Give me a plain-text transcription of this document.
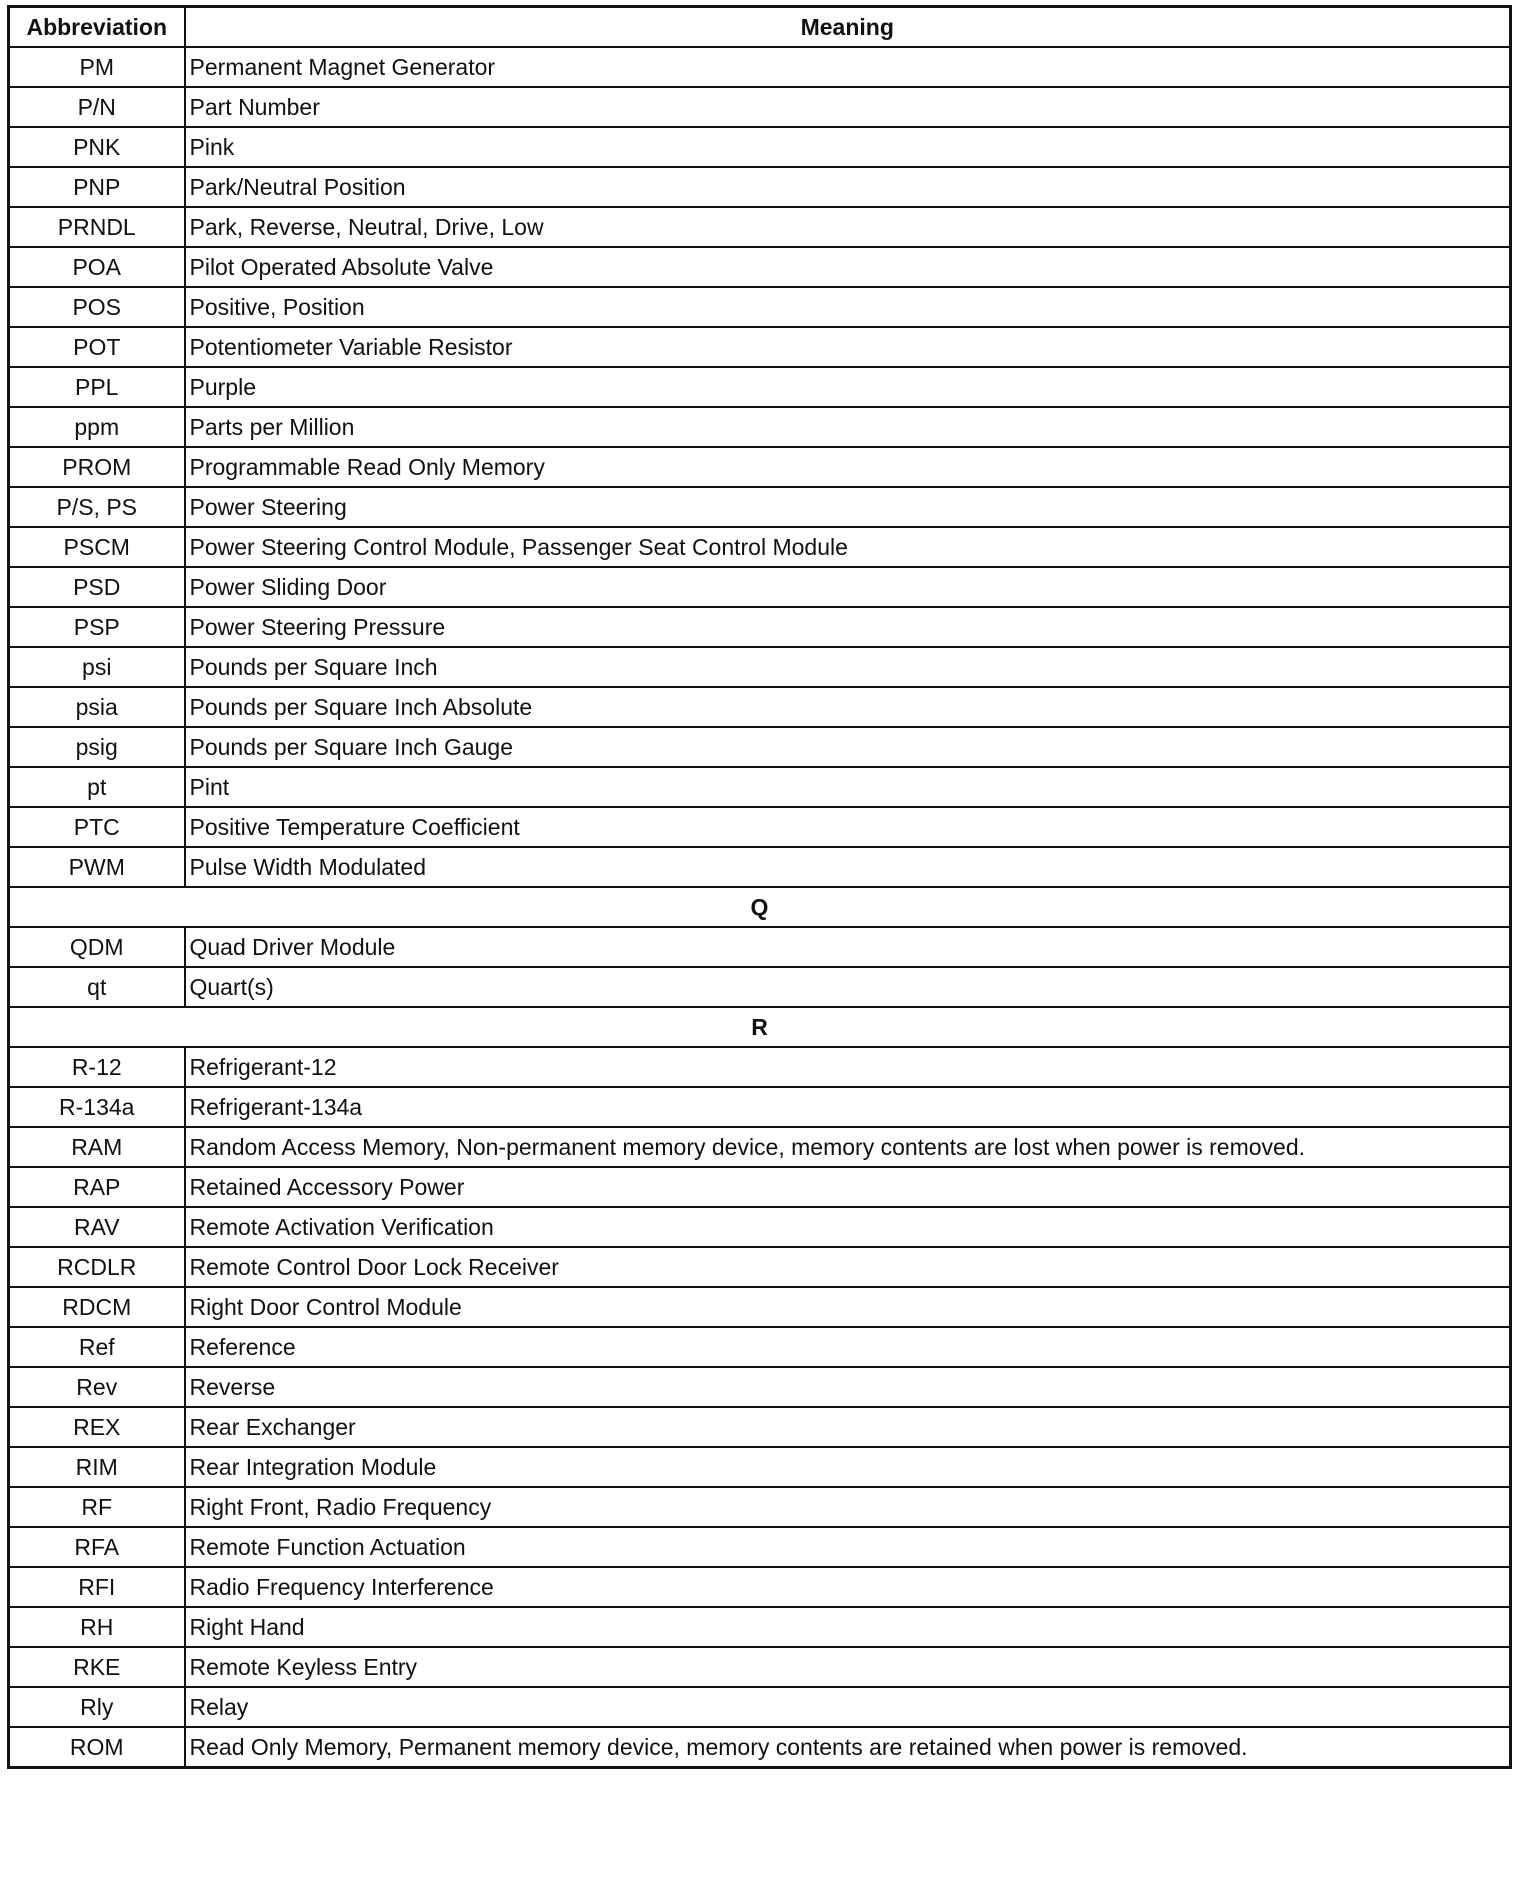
Abbreviation	Meaning
PM	Permanent Magnet Generator
P/N	Part Number
PNK	Pink
PNP	Park/Neutral Position
PRNDL	Park, Reverse, Neutral, Drive, Low
POA	Pilot Operated Absolute Valve
POS	Positive, Position
POT	Potentiometer Variable Resistor
PPL	Purple
ppm	Parts per Million
PROM	Programmable Read Only Memory
P/S, PS	Power Steering
PSCM	Power Steering Control Module, Passenger Seat Control Module
PSD	Power Sliding Door
PSP	Power Steering Pressure
psi	Pounds per Square Inch
psia	Pounds per Square Inch Absolute
psig	Pounds per Square Inch Gauge
pt	Pint
PTC	Positive Temperature Coefficient
PWM	Pulse Width Modulated
Q	
QDM	Quad Driver Module
qt	Quart(s)
R	
R-12	Refrigerant-12
R-134a	Refrigerant-134a
RAM	Random Access Memory, Non-permanent memory device, memory contents are lost when power is removed.
RAP	Retained Accessory Power
RAV	Remote Activation Verification
RCDLR	Remote Control Door Lock Receiver
RDCM	Right Door Control Module
Ref	Reference
Rev	Reverse
REX	Rear Exchanger
RIM	Rear Integration Module
RF	Right Front, Radio Frequency
RFA	Remote Function Actuation
RFI	Radio Frequency Interference
RH	Right Hand
RKE	Remote Keyless Entry
Rly	Relay
ROM	Read Only Memory, Permanent memory device, memory contents are retained when power is removed.
